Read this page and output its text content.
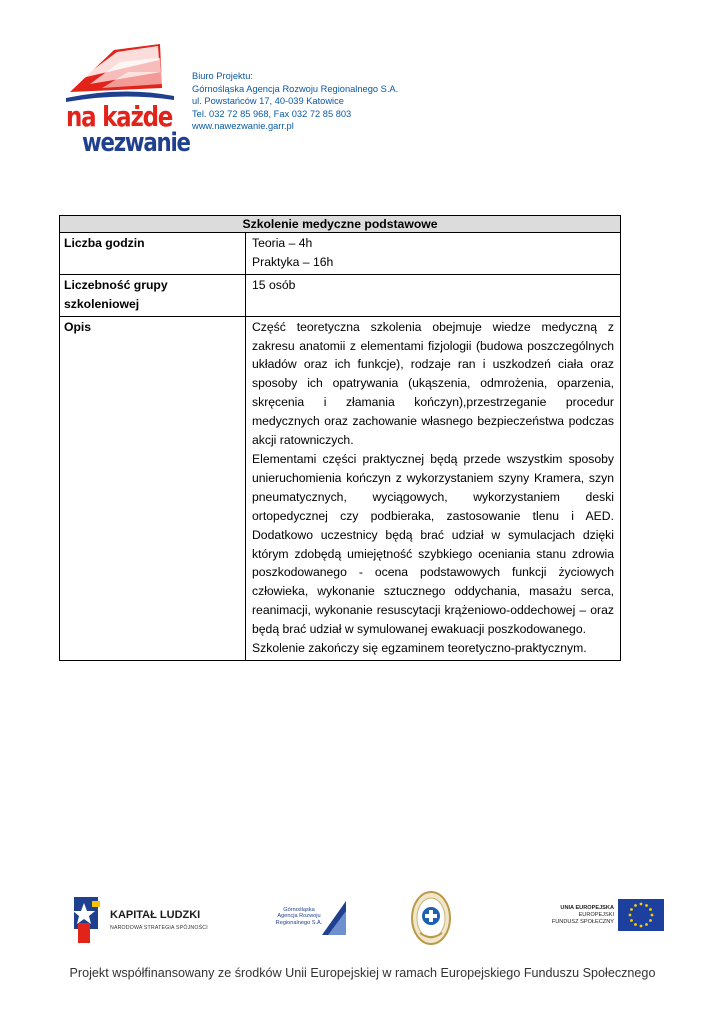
na każde
wezwanie
Biuro Projektu:
Górnośląska Agencja Rozwoju Regionalnego S.A.
ul. Powstańców 17, 40-039 Katowice
Tel. 032 72 85 968, Fax 032 72 85 803
www.nawezwanie.garr.pl
Szkolenie medyczne podstawowe	
Liczba godzin	Teoria – 4h

Praktyka – 16h

Liczebność grupy szkoleniowej	15 osób
Opis	Część teoretyczna szkolenia obejmuje wiedze medyczną z zakresu anatomii z elementami fizjologii (budowa poszczególnych układów oraz ich funkcje), rodzaje ran i uszkodzeń ciała oraz sposoby ich opatrywania (ukąszenia, odmrożenia, oparzenia, skręcenia i złamania kończyn),przestrzeganie procedur medycznych oraz zachowanie własnego bezpieczeństwa podczas akcji ratowniczych.

Elementami części praktycznej będą przede wszystkim sposoby unieruchomienia kończyn z wykorzystaniem szyny Kramera, szyn pneumatycznych, wyciągowych, wykorzystaniem deski ortopedycznej czy podbieraka, zastosowanie tlenu i AED. Dodatkowo uczestnicy będą brać udział w symulacjach dzięki którym zdobędą umiejętność szybkiego oceniania stanu zdrowia poszkodowanego - ocena podstawowych funkcji życiowych człowieka, wykonanie sztucznego oddychania, masażu serca, reanimacji, wykonanie resuscytacji krążeniowo-oddechowej – oraz będą brać udział w symulowanej ewakuacji poszkodowanego.

Szkolenie zakończy się egzaminem teoretyczno-praktycznym.

KAPITAŁ LUDZKI
NARODOWA STRATEGIA SPÓJNOŚCI
Górnośląska
Agencja Rozwoju
Regionalnego S.A.
UNIA EUROPEJSKA
EUROPEJSKI
FUNDUSZ SPOŁECZNY
Projekt współfinansowany ze środków Unii Europejskiej w ramach Europejskiego Funduszu Społecznego
